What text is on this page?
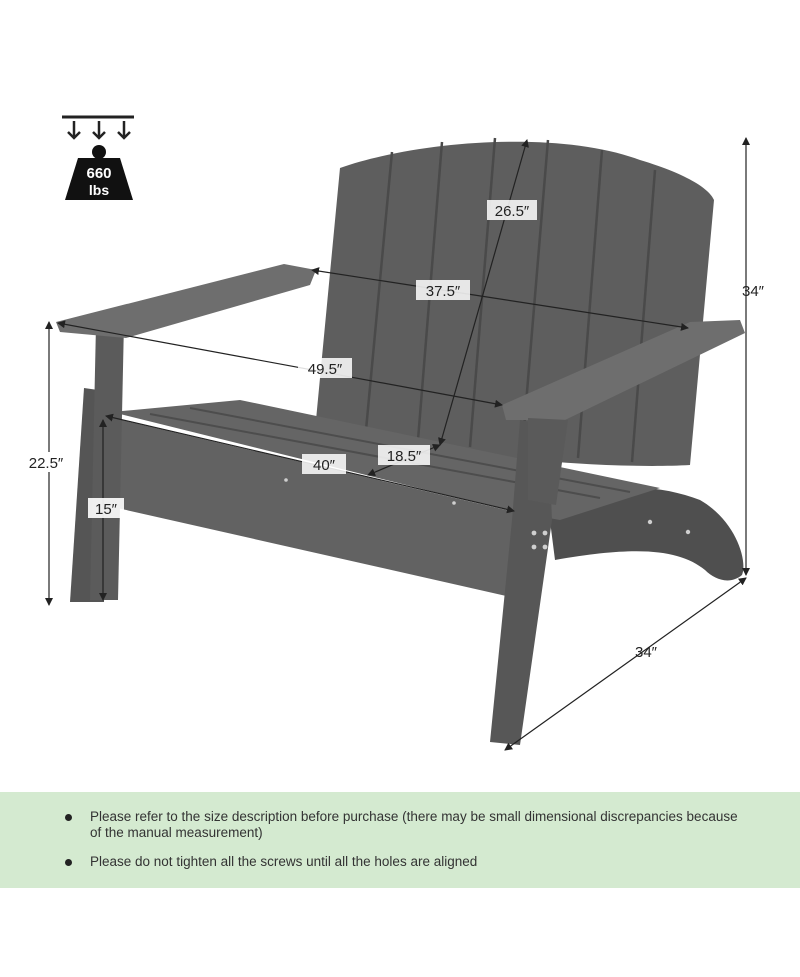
660
lbs
26.5″
37.5″	34″
49.5″
22.5″	40″
18.5″
15″
34″
Please refer to the size description before purchase (there may be small dimensional discrepancies because of the manual measurement)
Please do not tighten all the screws until all the holes are aligned
